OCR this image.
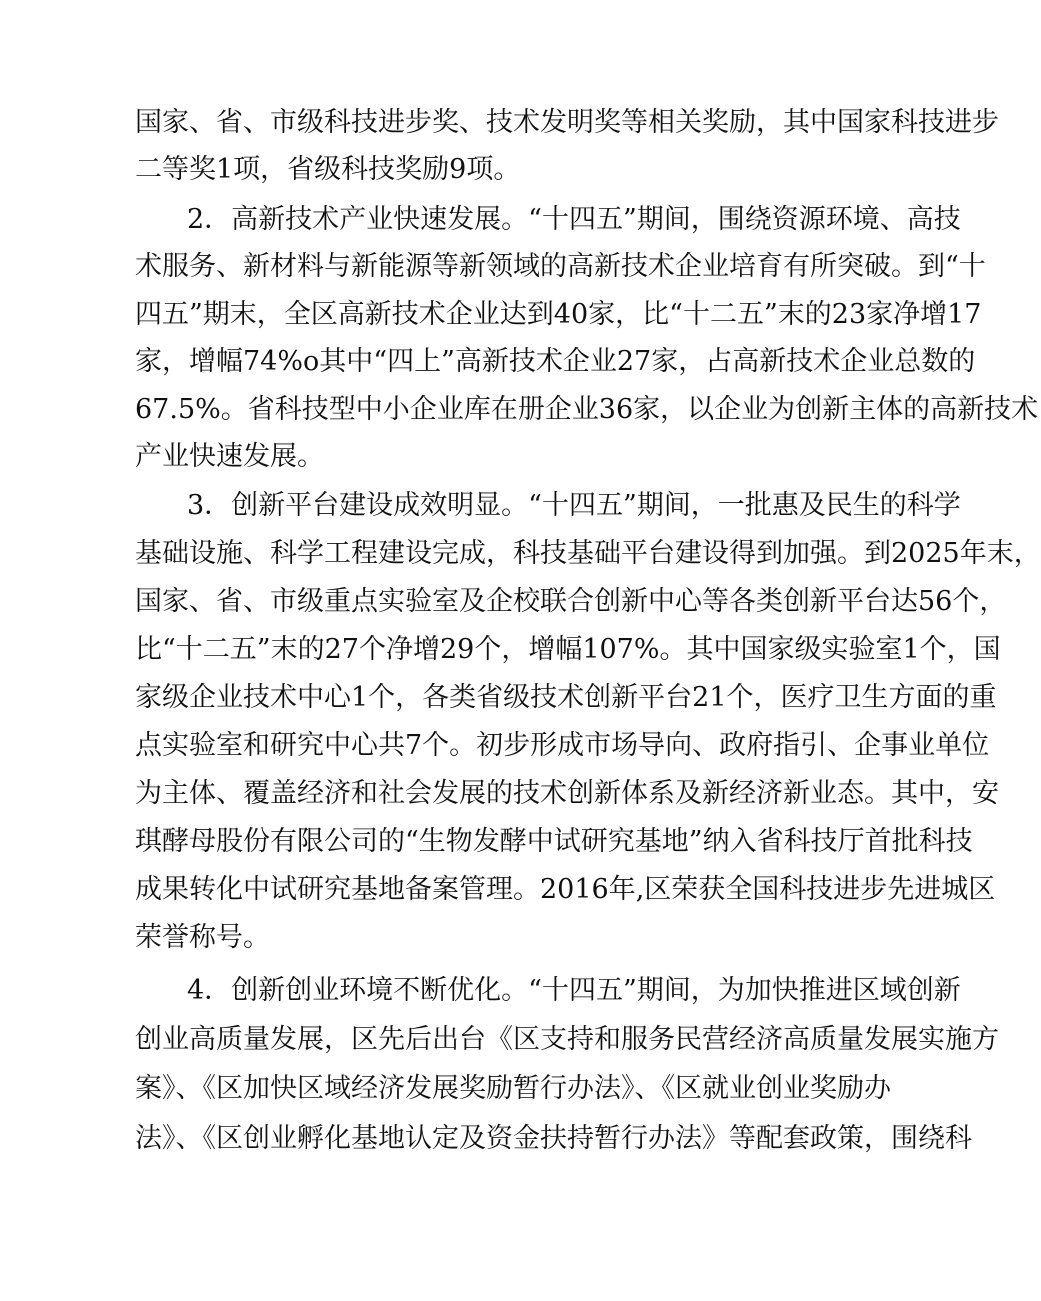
国家、省、市级科技进步奖、技术发明奖等相关奖励，其中国家科技进步
二等奖1项，省级科技奖励9项。
2．高新技术产业快速发展。“十四五”期间，围绕资源环境、高技
术服务、新材料与新能源等新领域的高新技术企业培育有所突破。到“十
四五”期末，全区高新技术企业达到40家，比“十二五”末的23家净增17
家，增幅74%o其中“四上”高新技术企业27家，占高新技术企业总数的
67.5%。省科技型中小企业库在册企业36家，以企业为创新主体的高新技术
产业快速发展。
3．创新平台建设成效明显。“十四五”期间，一批惠及民生的科学
基础设施、科学工程建设完成，科技基础平台建设得到加强。到2025年末，
国家、省、市级重点实验室及企校联合创新中心等各类创新平台达56个，
比“十二五”末的27个净增29个，增幅107%。其中国家级实验室1个，国
家级企业技术中心1个，各类省级技术创新平台21个，医疗卫生方面的重
点实验室和研究中心共7个。初步形成市场导向、政府指引、企事业单位
为主体、覆盖经济和社会发展的技术创新体系及新经济新业态。其中，安
琪酵母股份有限公司的“生物发酵中试研究基地”纳入省科技厅首批科技
成果转化中试研究基地备案管理。2016年,区荣获全国科技进步先进城区
荣誉称号。
4．创新创业环境不断优化。“十四五”期间，为加快推进区域创新
创业高质量发展，区先后出台《区支持和服务民营经济高质量发展实施方
案》、《区加快区域经济发展奖励暂行办法》、《区就业创业奖励办
法》、《区创业孵化基地认定及资金扶持暂行办法》等配套政策，围绕科
